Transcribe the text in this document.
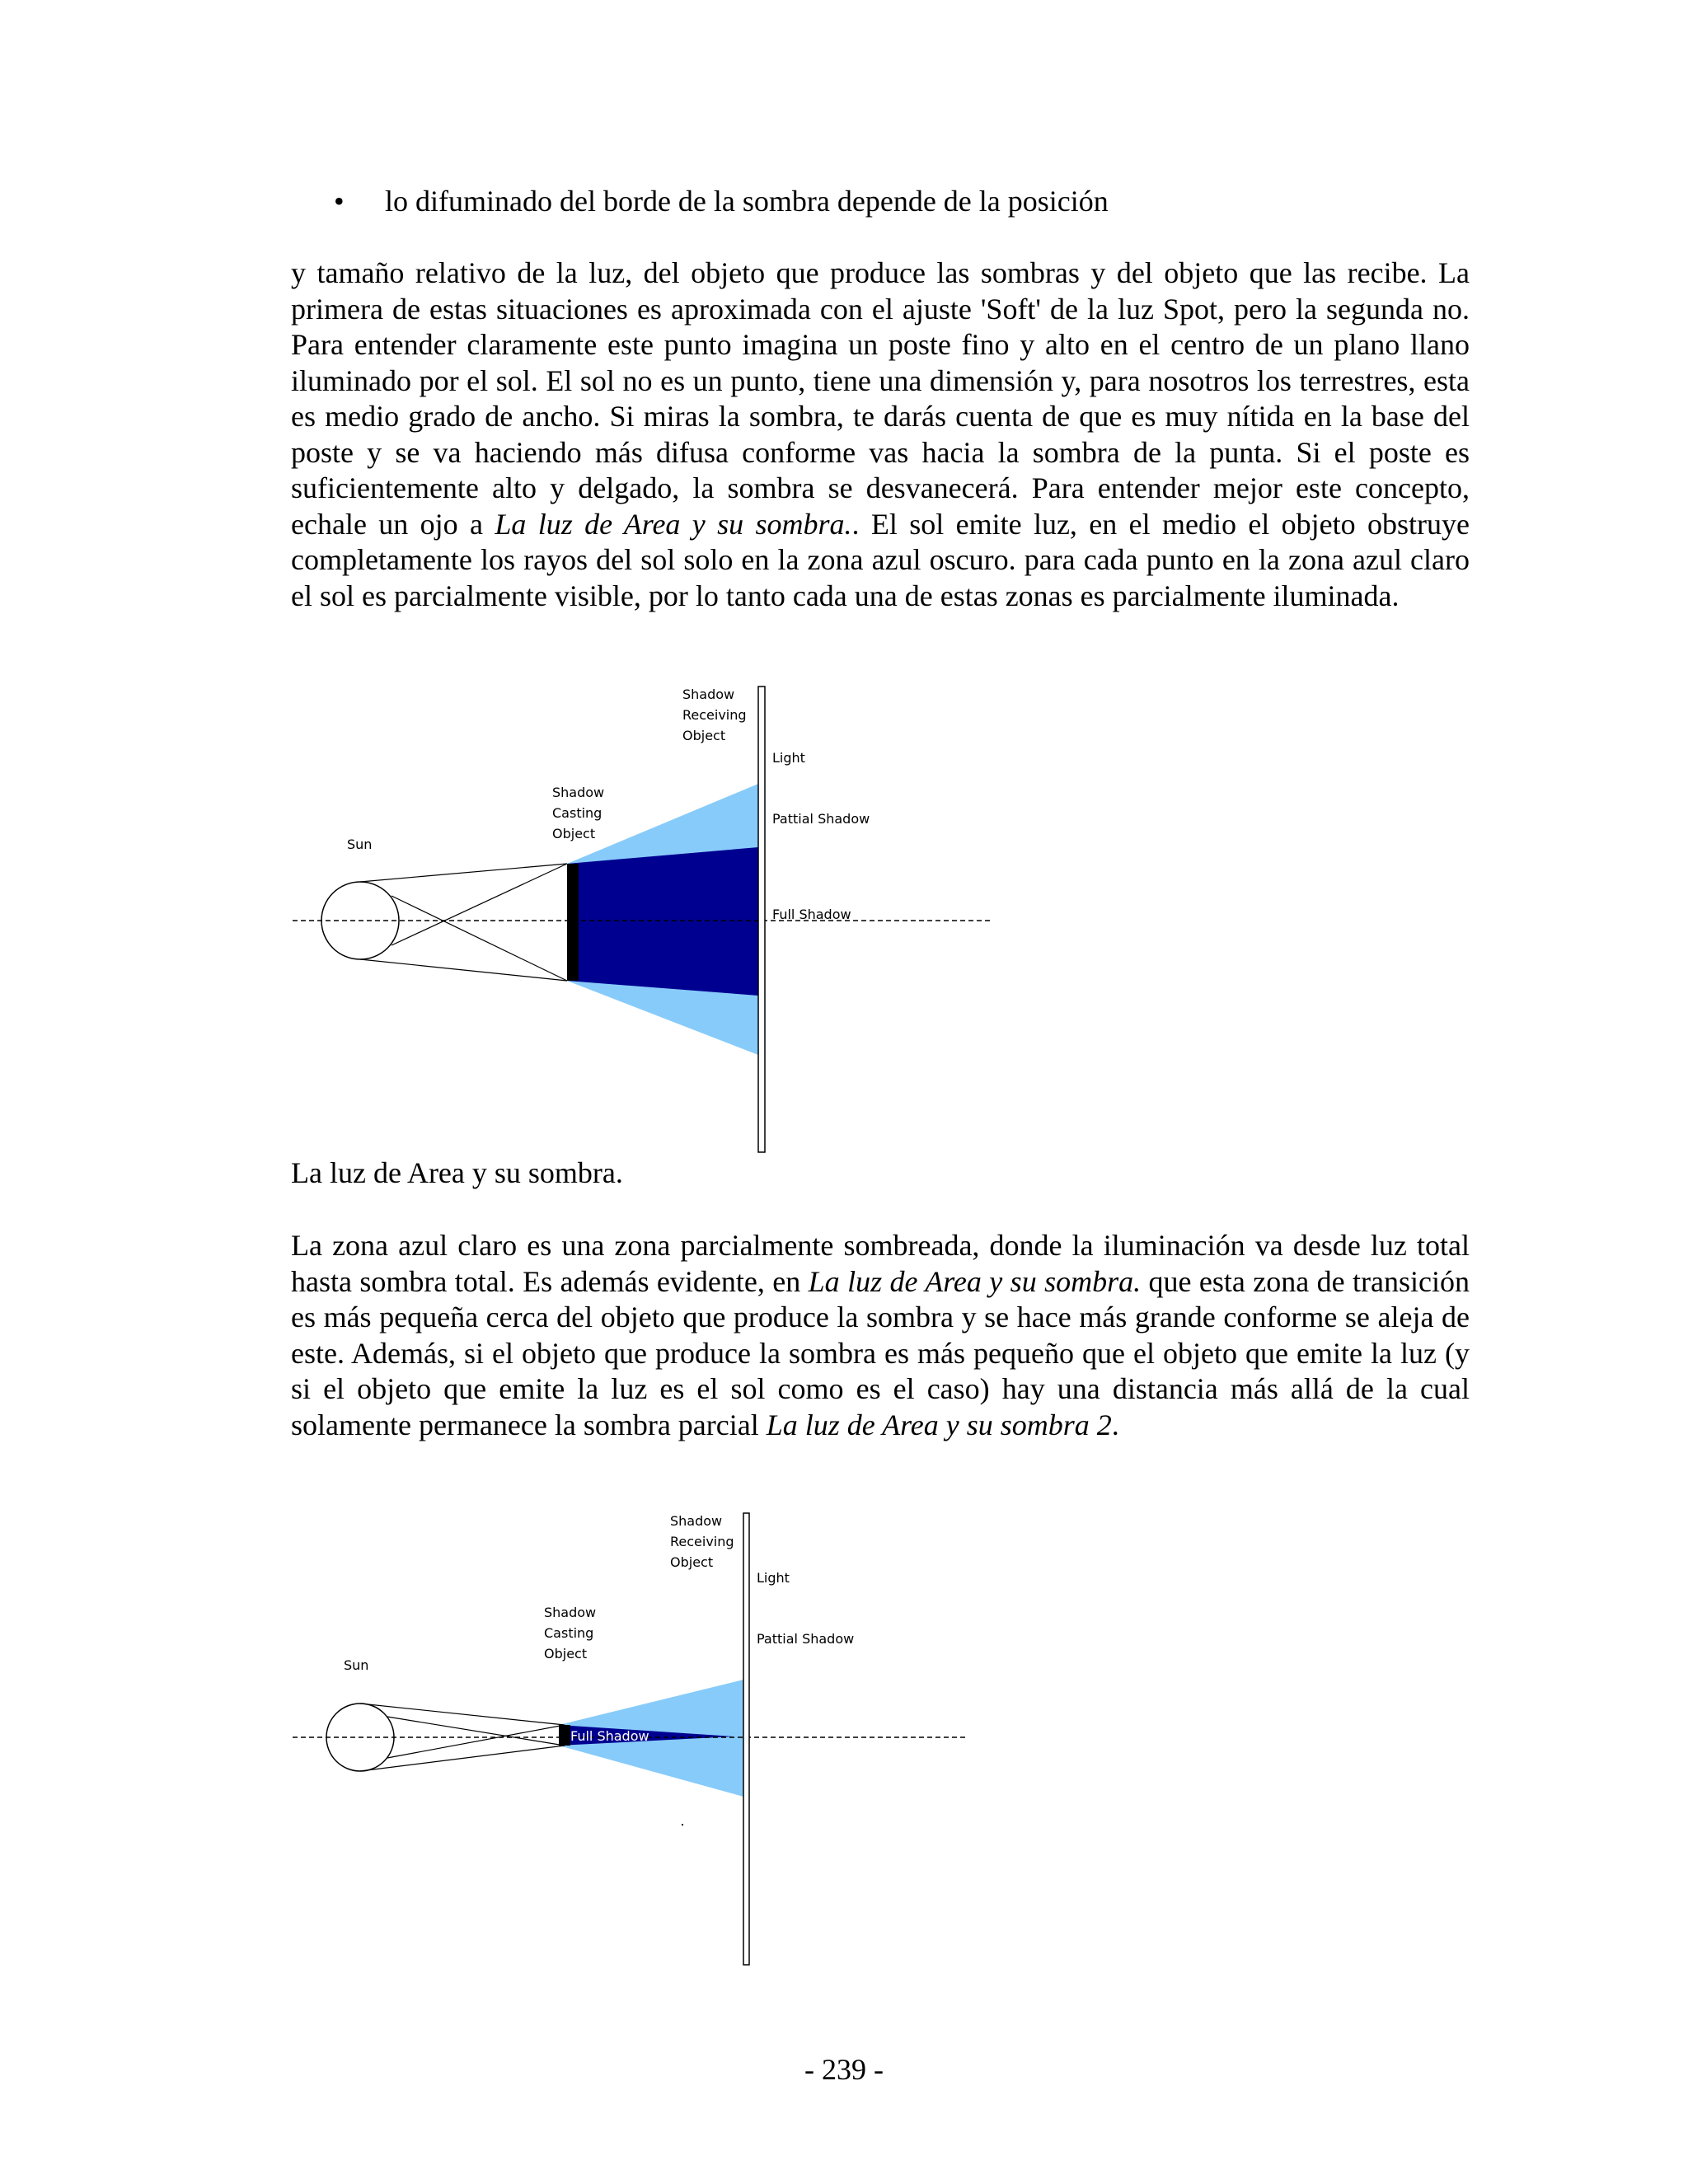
• lo difuminado del borde de la sombra depende de la posición

y tamaño relativo de la luz, del objeto que produce las sombras y del objeto que las recibe. La primera de estas situaciones es aproximada con el ajuste 'Soft' de la luz Spot, pero la segunda no. Para entender claramente este punto imagina un poste fino y alto en el centro de un plano llano iluminado por el sol. El sol no es un punto, tiene una dimensión y, para nosotros los terrestres, esta es medio grado de ancho. Si miras la sombra, te darás cuenta de que es muy nítida en la base del poste y se va haciendo más difusa conforme vas hacia la sombra de la punta. Si el poste es suficientemente alto y delgado, la sombra se desvanecerá. Para entender mejor este concepto, echale un ojo a La luz de Area y su sombra.. El sol emite luz, en el medio el objeto obstruye completamente los rayos del sol solo en la zona azul oscuro. para cada punto en la zona azul claro el sol es parcialmente visible, por lo tanto cada una de estas zonas es parcialmente iluminada.

Shadow
Receiving
Object
Shadow
Casting
Object
Sun
Light
Pattial Shadow
Full Shadow
La luz de Area y su sombra.

La zona azul claro es una zona parcialmente sombreada, donde la iluminación va desde luz total hasta sombra total. Es además evidente, en La luz de Area y su sombra. que esta zona de transición es más pequeña cerca del objeto que produce la sombra y se hace más grande conforme se aleja de este. Además, si el objeto que produce la sombra es más pequeño que el objeto que emite la luz (y si el objeto que emite la luz es el sol como es el caso) hay una distancia más allá de la cual solamente permanece la sombra parcial La luz de Area y su sombra 2.

Shadow
Receiving
Object
Shadow
Casting
Object
Sun
Light
Pattial Shadow
Full Shadow
- 239 -
